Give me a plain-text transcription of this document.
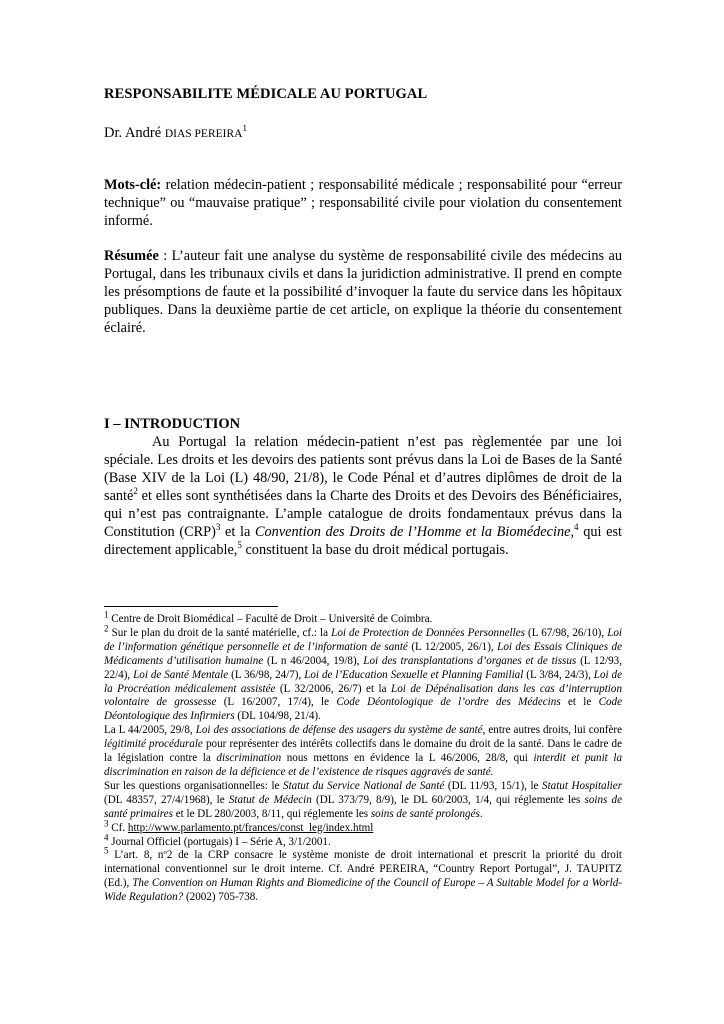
RESPONSABILITE MÉDICALE AU PORTUGAL

Dr. André DIAS PEREIRA$^1$

Mots-clé: relation médecin-patient ; responsabilité médicale ; responsabilité pour “erreur technique” ou “mauvaise pratique” ; responsabilité civile pour violation du consentement informé.

Résumée : L’auteur fait une analyse du système de responsabilité civile des médecins au Portugal, dans les tribunaux civils et dans la juridiction administrative. Il prend en compte les présomptions de faute et la possibilité d’invoquer la faute du service dans les hôpitaux publiques. Dans la deuxième partie de cet article, on explique la théorie du consentement éclairé.

I – INTRODUCTION

Au Portugal la relation médecin-patient n’est pas règlementée par une loi spéciale. Les droits et les devoirs des patients sont prévus dans la Loi de Bases de la Santé (Base XIV de la Loi (L) 48/90, 21/8), le Code Pénal et d’autres diplômes de droit de la santé$^2$ et elles sont synthétisées dans la Charte des Droits et des Devoirs des Bénéficiaires, qui n’est pas contraignante. L’ample catalogue de droits fondamentaux prévus dans la Constitution (CRP)$^3$ et la Convention des Droits de l’Homme et la Biomédecine,$^4$ qui est directement applicable,$^5$ constituent la base du droit médical portugais.

$^1$ Centre de Droit Biomédical – Faculté de Droit – Université de Coimbra.

$^2$ Sur le plan du droit de la santé matérielle, cf.: la Loi de Protection de Données Personnelles (L 67/98, 26/10), Loi de l’information génétique personnelle et de l’information de santé (L 12/2005, 26/1), Loi des Essais Cliniques de Médicaments d’utilisation humaine (L n 46/2004, 19/8), Loi des transplantations d’organes et de tissus (L 12/93, 22/4), Loi de Santé Mentale (L 36/98, 24/7), Loi de l’Education Sexuelle et Planning Familial (L 3/84, 24/3), Loi de la Procréation médicalement assistée (L 32/2006, 26/7) et la Loi de Dépénalisation dans les cas d’interruption volontaire de grossesse (L 16/2007, 17/4), le Code Déontologique de l’ordre des Médecins et le Code Déontologique des Infirmiers (DL 104/98, 21/4).

La L 44/2005, 29/8, Loi des associations de défense des usagers du système de santé, entre autres droits, lui confère légitimité procédurale pour représenter des intérêts collectifs dans le domaine du droit de la santé. Dans le cadre de la législation contre la discrimination nous mettons en évidence la L 46/2006, 28/8, qui interdit et punit la discrimination en raison de la déficience et de l’existence de risques aggravés de santé.

Sur les questions organisationnelles: le Statut du Service National de Santé (DL 11/93, 15/1), le Statut Hospitalier (DL 48357, 27/4/1968), le Statut de Médecin (DL 373/79, 8/9), le DL 60/2003, 1/4, qui réglemente les soins de santé primaires et le DL 280/2003, 8/11, qui réglemente les soins de santé prolongés.

$^3$ Cf. http://www.parlamento.pt/frances/const_leg/index.html

$^4$ Journal Officiel (portugais) I – Série A, 3/1/2001.

$^5$ L’art. 8, nº2 de la CRP consacre le système moniste de droit international et prescrit la priorité du droit international conventionnel sur le droit interne. Cf. André PEREIRA, “Country Report Portugal”, J. TAUPITZ (Ed.), The Convention on Human Rights and Biomedicine of the Council of Europe – A Suitable Model for a World-Wide Regulation? (2002) 705-738.
